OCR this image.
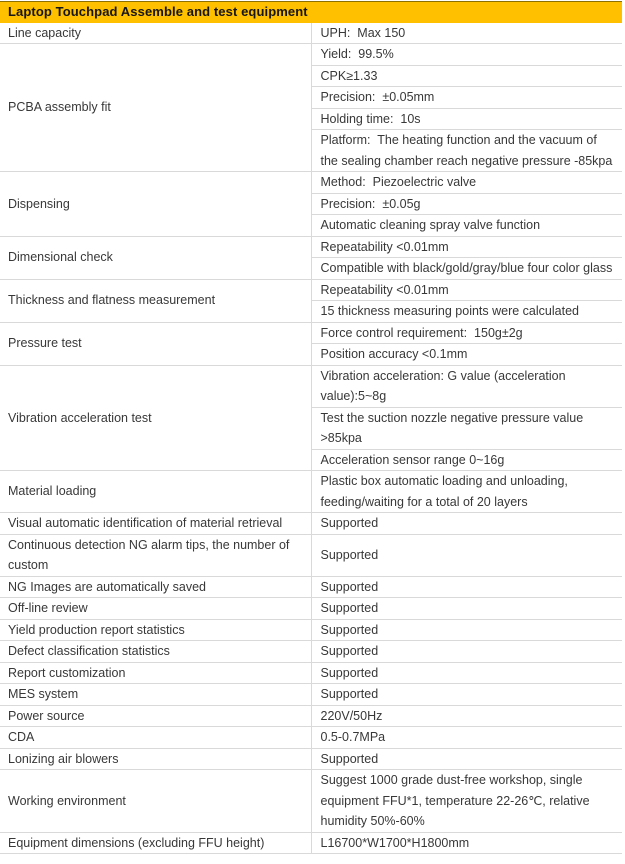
Laptop Touchpad Assemble and test equipment	
Line capacity	UPH:  Max 150
PCBA assembly fit	Yield:  99.5%
	CPK≥1.33
	Precision:  ±0.05mm
	Holding time:  10s
	Platform:  The heating function and the vacuum of the sealing chamber reach negative pressure -85kpa
Dispensing	Method:  Piezoelectric valve
	Precision:  ±0.05g
	Automatic cleaning spray valve function
Dimensional check	Repeatability <0.01mm
	Compatible with black/gold/gray/blue four color glass
Thickness and flatness measurement	Repeatability <0.01mm
	15 thickness measuring points were calculated
Pressure test	Force control requirement:  150g±2g
	Position accuracy <0.1mm
Vibration acceleration test	Vibration acceleration: G value (acceleration value):5~8g
	Test the suction nozzle negative pressure value >85kpa
	Acceleration sensor range 0~16g
Material loading	Plastic box automatic loading and unloading, feeding/waiting for a total of 20 layers
Visual automatic identification of material retrieval	Supported
Continuous detection NG alarm tips, the number of custom	Supported
NG Images are automatically saved	Supported
Off-line review	Supported
Yield production report statistics	Supported
Defect classification statistics	Supported
Report customization	Supported
MES system	Supported
Power source	220V/50Hz
CDA	0.5-0.7MPa
Lonizing air blowers	Supported
Working environment	Suggest 1000 grade dust-free workshop, single equipment FFU*1, temperature 22-26℃, relative humidity 50%-60%
Equipment dimensions (excluding FFU height)	L16700*W1700*H1800mm
